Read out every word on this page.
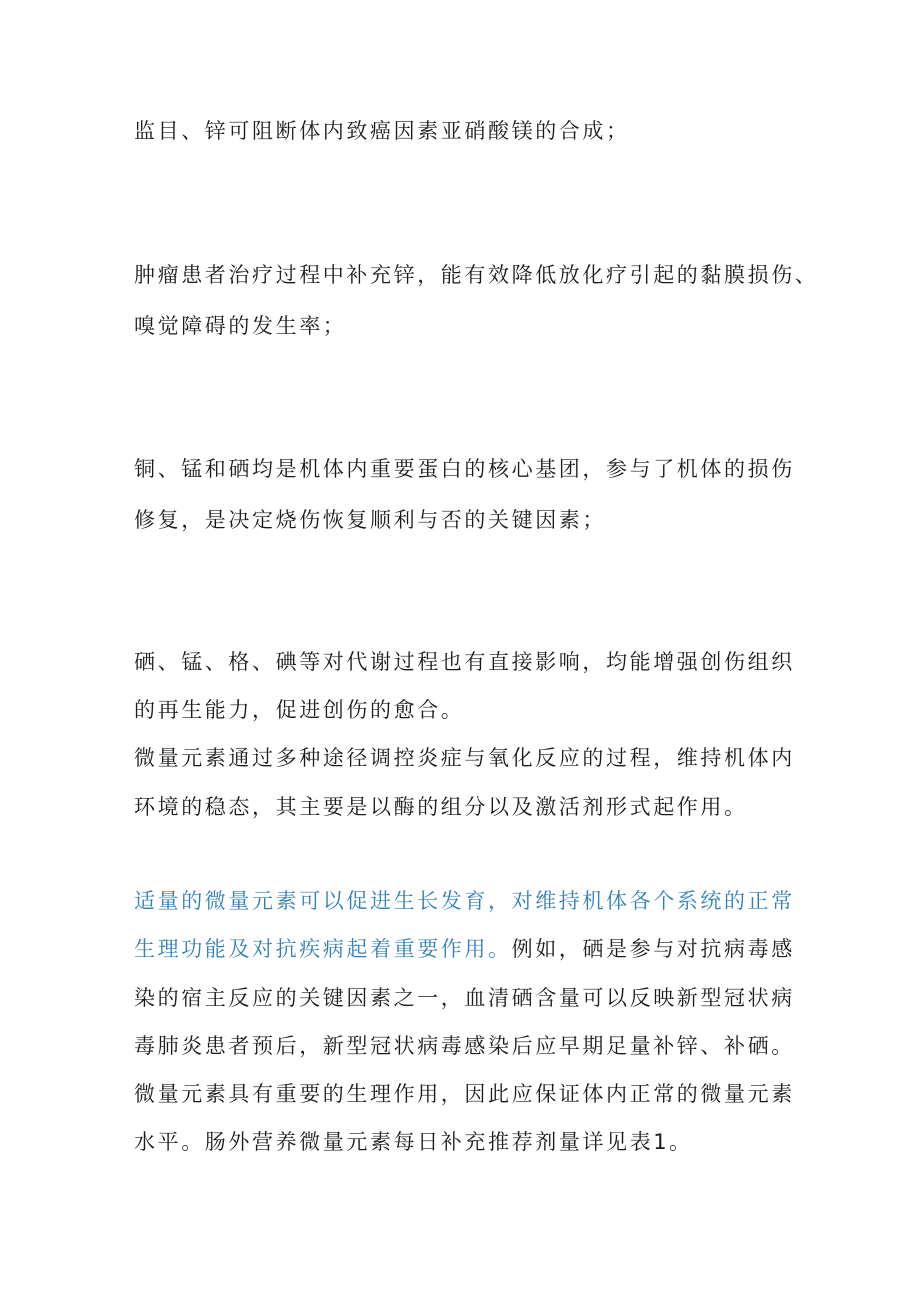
监目、锌可阻断体内致癌因素亚硝酸镁的合成；

肿瘤患者治疗过程中补充锌，能有效降低放化疗引起的黏膜损伤、

嗅觉障碍的发生率；

铜、锰和硒均是机体内重要蛋白的核心基团，参与了机体的损伤

修复，是决定烧伤恢复顺利与否的关键因素；

硒、锰、格、碘等对代谢过程也有直接影响，均能增强创伤组织

的再生能力，促进创伤的愈合。

微量元素通过多种途径调控炎症与氧化反应的过程，维持机体内

环境的稳态，其主要是以酶的组分以及激活剂形式起作用。

适量的微量元素可以促进生长发育，对维持机体各个系统的正常

生理功能及对抗疾病起着重要作用。例如，硒是参与对抗病毒感

染的宿主反应的关键因素之一，血清硒含量可以反映新型冠状病

毒肺炎患者预后，新型冠状病毒感染后应早期足量补锌、补硒。

微量元素具有重要的生理作用，因此应保证体内正常的微量元素

水平。肠外营养微量元素每日补充推荐剂量详见表1。
